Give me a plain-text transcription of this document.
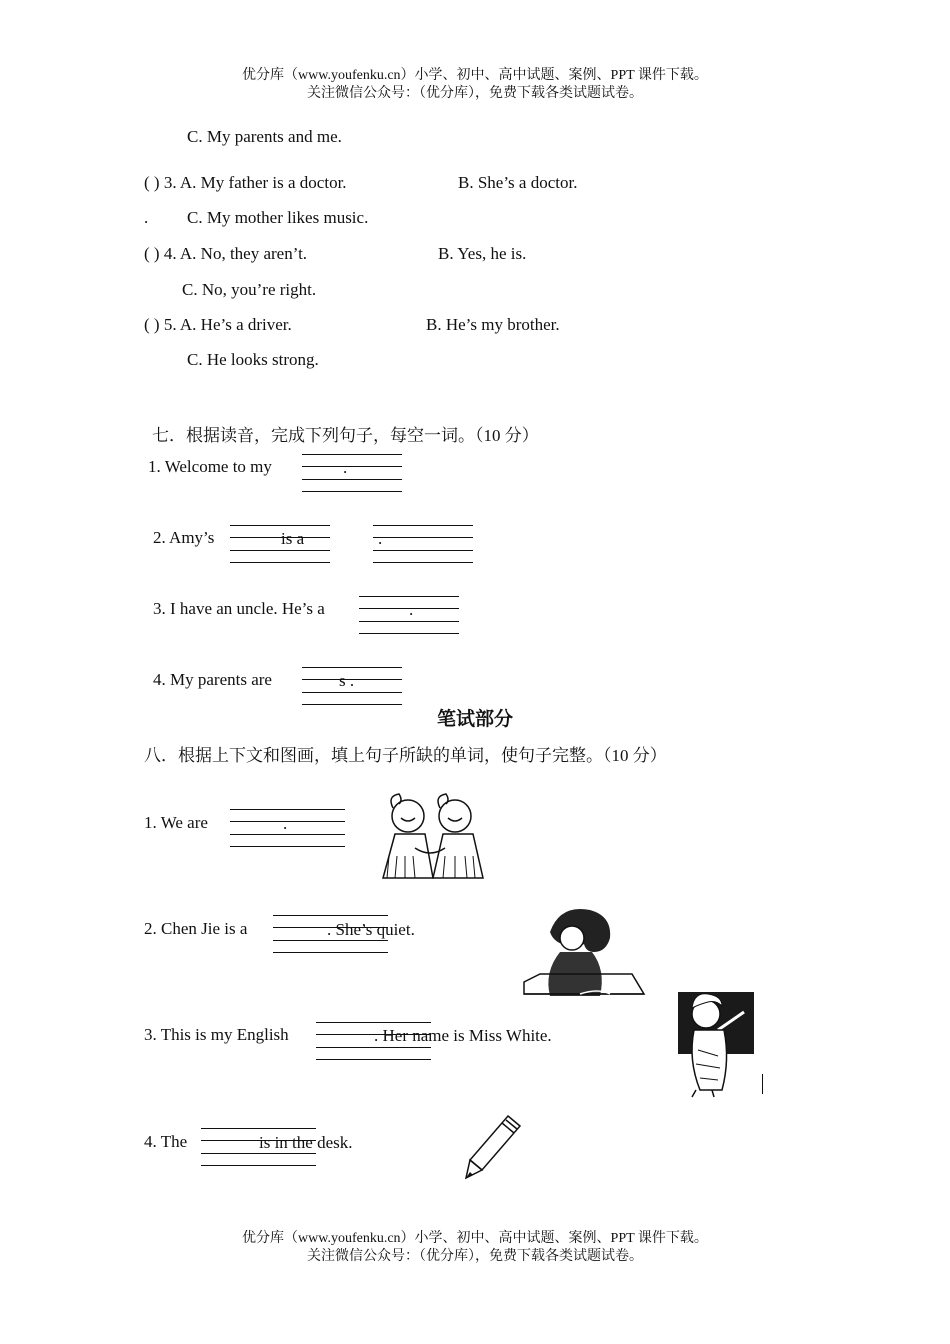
优分库（www.youfenku.cn）小学、初中、高中试题、案例、PPT 课件下载。
关注微信公众号：（优分库），免费下载各类试题试卷。
C. My parents and me.
( ) 3. A. My father is a doctor.	B. She’s a doctor.
. C. My mother likes music.
( ) 4. A. No, they aren’t.	B. Yes, he is.
C. No, you’re right.
( ) 5. A. He’s a driver.	B. He’s my brother.
C. He looks strong.
七．根据读音，完成下列句子，每空一词。（10 分）
1. Welcome to my	.
2. Amy’s	is a	.
3. I have an uncle. He’s a	.
4. My parents are	s .
笔试部分
八．根据上下文和图画，填上句子所缺的单词，使句子完整。（10 分）
1. We are	.
2. Chen Jie is a	. She’s quiet.
3. This is my English	. Her name is Miss White.
4. The	is in the desk.
优分库（www.youfenku.cn）小学、初中、高中试题、案例、PPT 课件下载。
关注微信公众号：（优分库），免费下载各类试题试卷。
